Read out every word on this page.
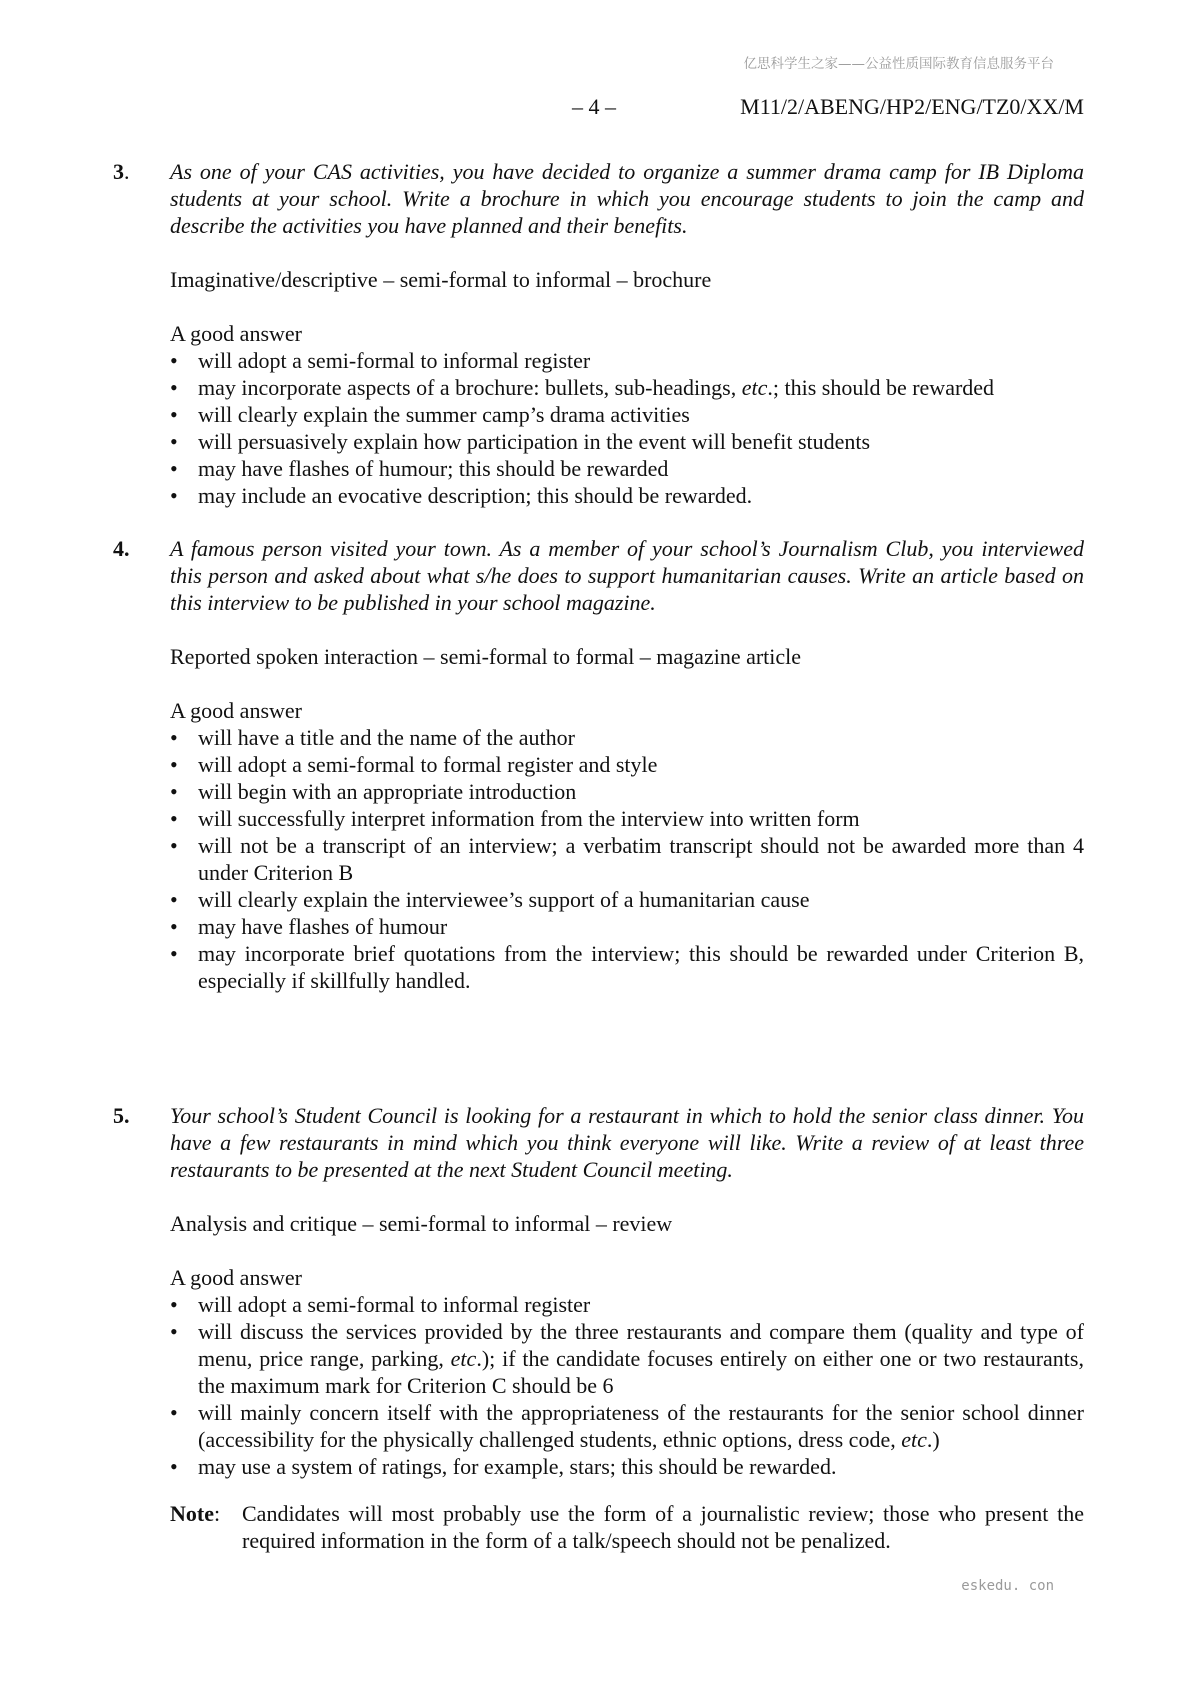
亿思科学生之家——公益性质国际教育信息服务平台
– 4 –	M11/2/ABENG/HP2/ENG/TZ0/XX/M
3. As one of your CAS activities, you have decided to organize a summer drama camp for IB Diploma students at your school. Write a brochure in which you encourage students to join the camp and describe the activities you have planned and their benefits.

Imaginative/descriptive – semi-formal to informal – brochure

A good answer

• will adopt a semi-formal to informal register
• may incorporate aspects of a brochure: bullets, sub-headings, etc.; this should be rewarded
• will clearly explain the summer camp’s drama activities
• will persuasively explain how participation in the event will benefit students
• may have flashes of humour; this should be rewarded
• may include an evocative description; this should be rewarded.
4. A famous person visited your town. As a member of your school’s Journalism Club, you interviewed this person and asked about what s/he does to support humanitarian causes. Write an article based on this interview to be published in your school magazine.

Reported spoken interaction – semi-formal to formal – magazine article

A good answer

• will have a title and the name of the author
• will adopt a semi-formal to formal register and style
• will begin with an appropriate introduction
• will successfully interpret information from the interview into written form
• will not be a transcript of an interview; a verbatim transcript should not be awarded more than 4 under Criterion B
• will clearly explain the interviewee’s support of a humanitarian cause
• may have flashes of humour
• may incorporate brief quotations from the interview; this should be rewarded under Criterion B, especially if skillfully handled.
5. Your school’s Student Council is looking for a restaurant in which to hold the senior class dinner. You have a few restaurants in mind which you think everyone will like. Write a review of at least three restaurants to be presented at the next Student Council meeting.

Analysis and critique – semi-formal to informal – review

A good answer

• will adopt a semi-formal to informal register
• will discuss the services provided by the three restaurants and compare them (quality and type of menu, price range, parking, etc.); if the candidate focuses entirely on either one or two restaurants, the maximum mark for Criterion C should be 6
• will mainly concern itself with the appropriateness of the restaurants for the senior school dinner (accessibility for the physically challenged students, ethnic options, dress code, etc.)
• may use a system of ratings, for example, stars; this should be rewarded.
Note: Candidates will most probably use the form of a journalistic review; those who present the required information in the form of a talk/speech should not be penalized.
eskedu. con
